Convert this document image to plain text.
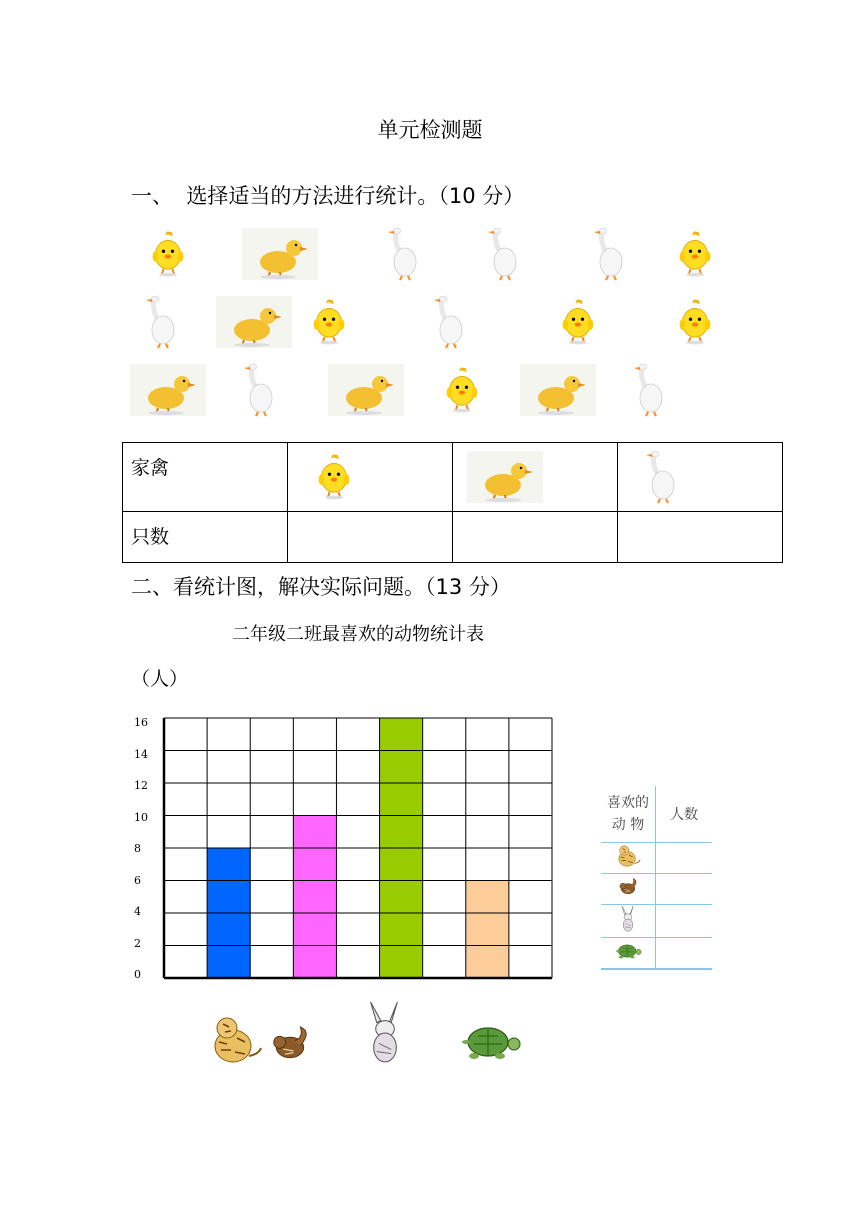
单元检测题
一、  选择适当的方法进行统计。（10 分）
家禽

只数			

二、看统计图，解决实际问题。（13 分）
二年级二班最喜欢的动物统计表
（人）
0
2
4
6
8
10
12
14
16
喜欢的
动 物	人数
